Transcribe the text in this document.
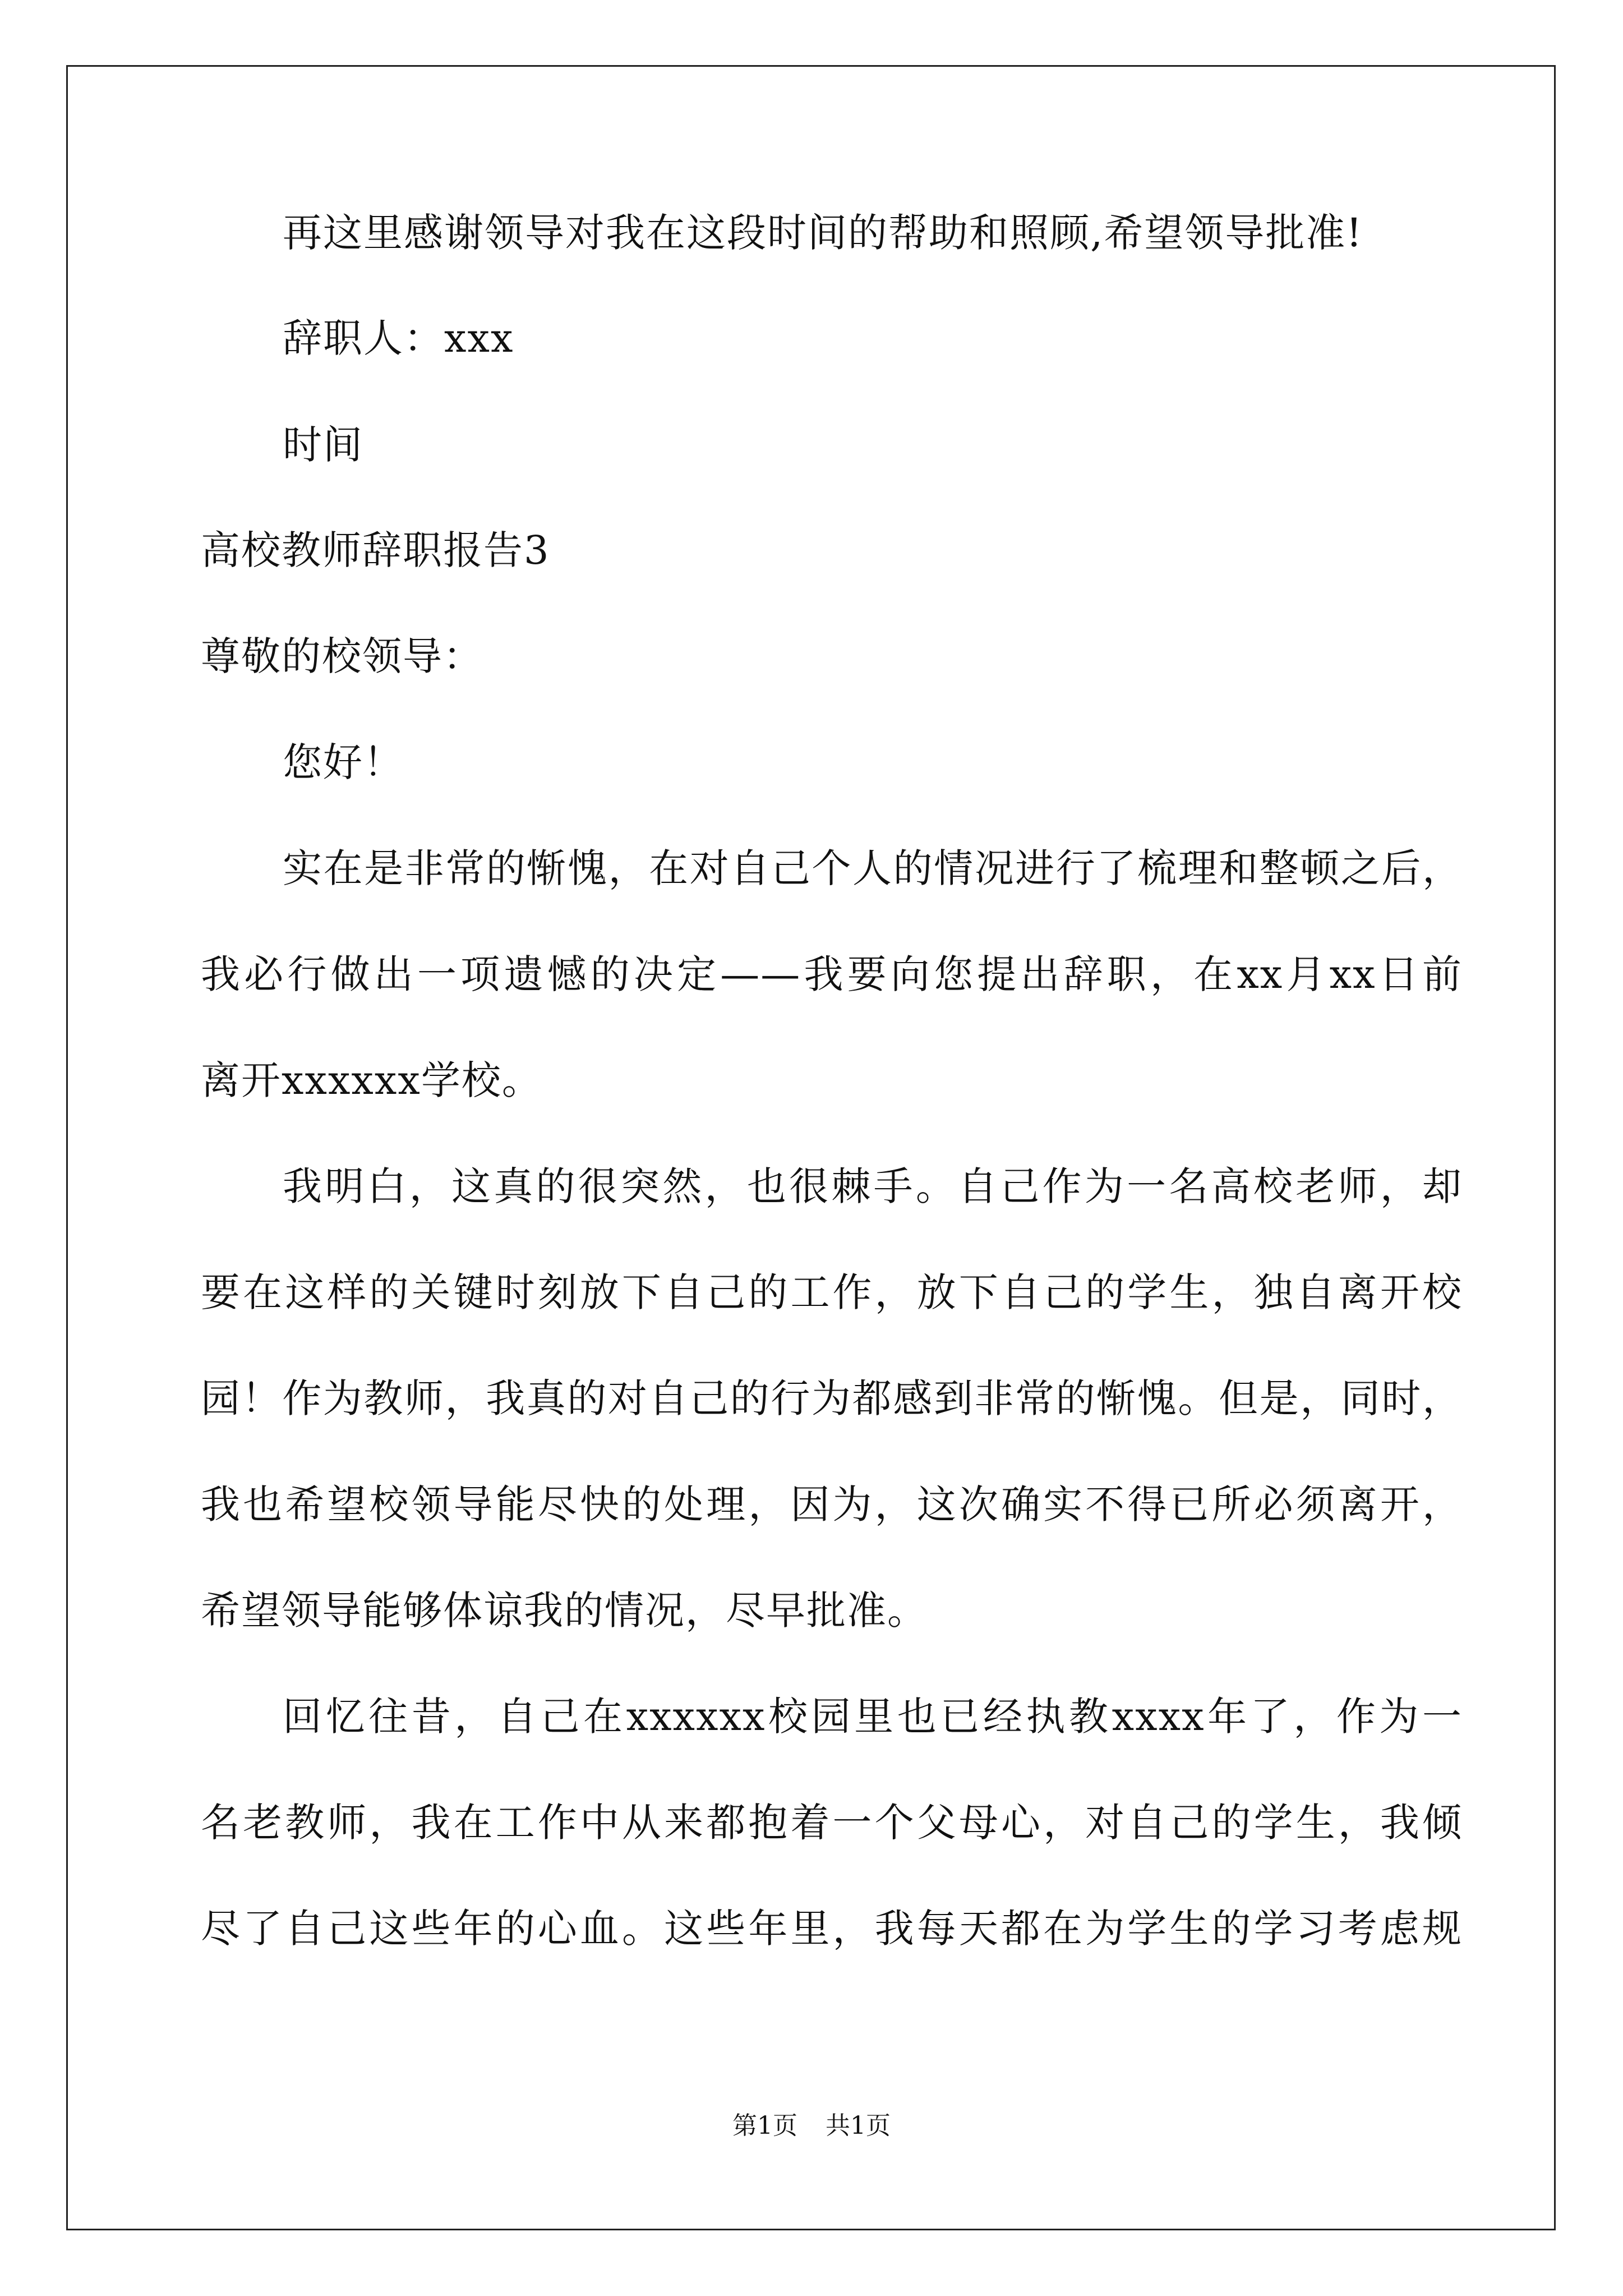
再这里感谢领导对我在这段时间的帮助和照顾,希望领导批准!
辞职人：xxx
时间
高校教师辞职报告3
尊敬的校领导：
您好！
实在是非常的惭愧，在对自己个人的情况进行了梳理和整顿之后，
我必行做出一项遗憾的决定——我要向您提出辞职，在xx月xx日前
离开xxxxxx学校。
我明白，这真的很突然，也很棘手。自己作为一名高校老师，却
要在这样的关键时刻放下自己的工作，放下自己的学生，独自离开校
园！作为教师，我真的对自己的行为都感到非常的惭愧。但是，同时，
我也希望校领导能尽快的处理，因为，这次确实不得已所必须离开，
希望领导能够体谅我的情况，尽早批准。
回忆往昔，自己在xxxxxx校园里也已经执教xxxx年了，作为一
名老教师，我在工作中从来都抱着一个父母心，对自己的学生，我倾
尽了自己这些年的心血。这些年里，我每天都在为学生的学习考虑规
第1页 共1页
